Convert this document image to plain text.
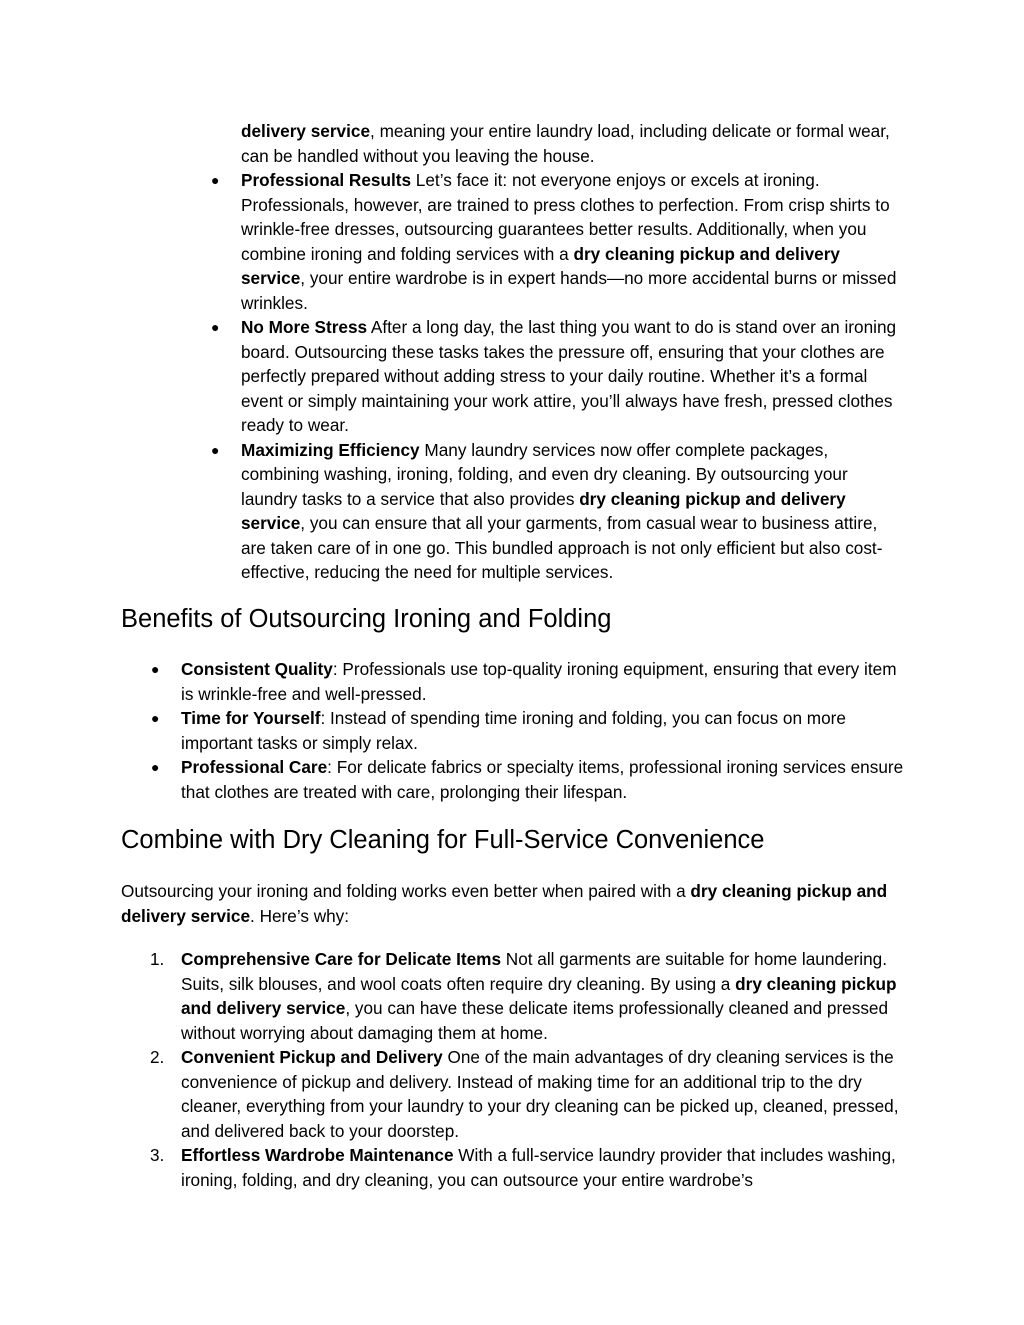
delivery service, meaning your entire laundry load, including delicate or formal wear, can be handled without you leaving the house.

● Professional Results Let’s face it: not everyone enjoys or excels at ironing. Professionals, however, are trained to press clothes to perfection. From crisp shirts to wrinkle-free dresses, outsourcing guarantees better results. Additionally, when you combine ironing and folding services with a dry cleaning pickup and delivery service, your entire wardrobe is in expert hands—no more accidental burns or missed wrinkles.

● No More Stress After a long day, the last thing you want to do is stand over an ironing board. Outsourcing these tasks takes the pressure off, ensuring that your clothes are perfectly prepared without adding stress to your daily routine. Whether it’s a formal event or simply maintaining your work attire, you’ll always have fresh, pressed clothes ready to wear.

● Maximizing Efficiency Many laundry services now offer complete packages, combining washing, ironing, folding, and even dry cleaning. By outsourcing your laundry tasks to a service that also provides dry cleaning pickup and delivery service, you can ensure that all your garments, from casual wear to business attire, are taken care of in one go. This bundled approach is not only efficient but also cost-effective, reducing the need for multiple services.

Benefits of Outsourcing Ironing and Folding
● Consistent Quality: Professionals use top-quality ironing equipment, ensuring that every item is wrinkle-free and well-pressed.

● Time for Yourself: Instead of spending time ironing and folding, you can focus on more important tasks or simply relax.

● Professional Care: For delicate fabrics or specialty items, professional ironing services ensure that clothes are treated with care, prolonging their lifespan.

Combine with Dry Cleaning for Full-Service Convenience

Outsourcing your ironing and folding works even better when paired with a dry cleaning pickup and delivery service. Here’s why:

1. Comprehensive Care for Delicate Items Not all garments are suitable for home laundering. Suits, silk blouses, and wool coats often require dry cleaning. By using a dry cleaning pickup and delivery service, you can have these delicate items professionally cleaned and pressed without worrying about damaging them at home.

2. Convenient Pickup and Delivery One of the main advantages of dry cleaning services is the convenience of pickup and delivery. Instead of making time for an additional trip to the dry cleaner, everything from your laundry to your dry cleaning can be picked up, cleaned, pressed, and delivered back to your doorstep.

3. Effortless Wardrobe Maintenance With a full-service laundry provider that includes washing, ironing, folding, and dry cleaning, you can outsource your entire wardrobe’s
